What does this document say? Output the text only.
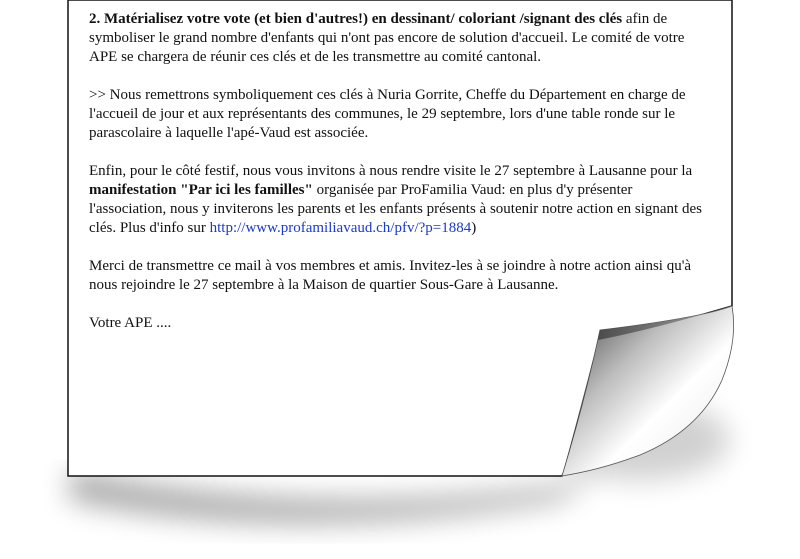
2. Matérialisez votre vote (et bien d'autres!) en dessinant/ coloriant /signant des clés afin de symboliser le grand nombre d'enfants qui n'ont pas encore de solution d'accueil. Le comité de votre APE se chargera de réunir ces clés et de les transmettre au comité cantonal.

>> Nous remettrons symboliquement ces clés à Nuria Gorrite, Cheffe du Département en charge de l'accueil de jour et aux représentants des communes, le 29 septembre, lors d'une table ronde sur le parascolaire à laquelle l'apé-Vaud est associée.

Enfin, pour le côté festif, nous vous invitons à nous rendre visite le 27 septembre à Lausanne pour la manifestation "Par ici les familles" organisée par ProFamilia Vaud: en plus d'y présenter l'association, nous y inviterons les parents et les enfants présents à soutenir notre action en signant des clés. Plus d'info sur http://www.profamiliavaud.ch/pfv/?p=1884)

Merci de transmettre ce mail à vos membres et amis. Invitez-les à se joindre à notre action ainsi qu'à nous rejoindre le 27 septembre à la Maison de quartier Sous-Gare à Lausanne.

Votre APE ....
